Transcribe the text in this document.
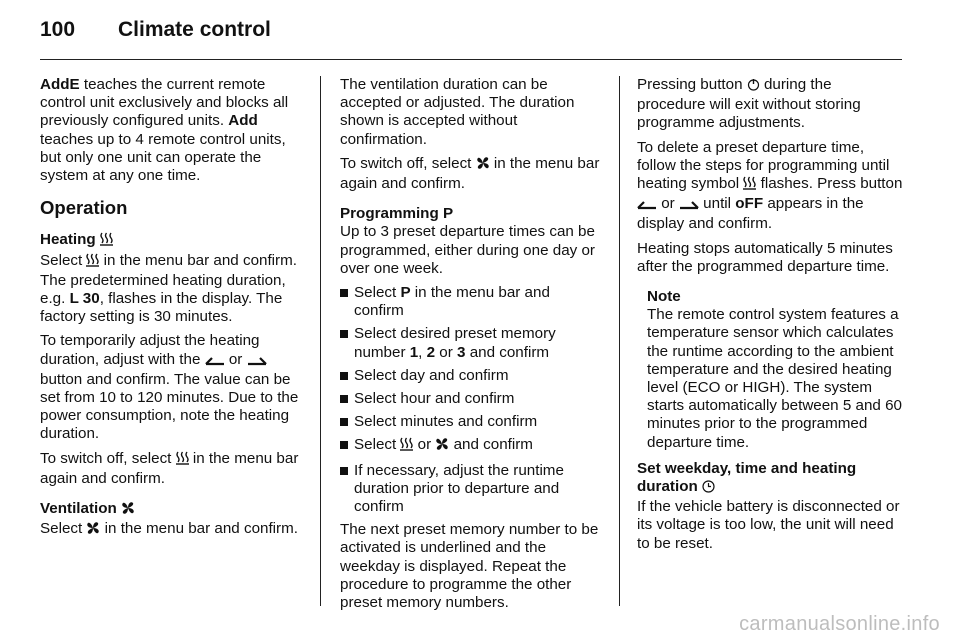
100 Climate control

AddE teaches the current remote control unit exclusively and blocks all previously configured units. Add teaches up to 4 remote control units, but only one unit can operate the system at any one time.

Operation
Heating

Select  in the menu bar and confirm. The predetermined heating duration, e.g. L 30, flashes in the display. The factory setting is 30 minutes.

To temporarily adjust the heating duration, adjust with the  or  button and confirm. The value can be set from 10 to 120 minutes. Due to the power consumption, note the heating duration.

To switch off, select  in the menu bar again and confirm.

Ventilation

Select  in the menu bar and confirm.

The ventilation duration can be accepted or adjusted. The duration shown is accepted without confirmation.

To switch off, select  in the menu bar again and confirm.

Programming P

Up to 3 preset departure times can be programmed, either during one day or over one week.

Select P in the menu bar and confirm
Select desired preset memory number 1, 2 or 3 and confirm
Select day and confirm
Select hour and confirm
Select minutes and confirm
Select  or  and confirm
If necessary, adjust the runtime duration prior to departure and confirm

The next preset memory number to be activated is underlined and the weekday is displayed. Repeat the procedure to programme the other preset memory numbers.

Pressing button  during the procedure will exit without storing programme adjustments.

To delete a preset departure time, follow the steps for programming until heating symbol  flashes. Press button  or  until oFF appears in the display and confirm.

Heating stops automatically 5 minutes after the programmed departure time.

Note

The remote control system features a temperature sensor which calculates the runtime according to the ambient temperature and the desired heating level (ECO or HIGH). The system starts automatically between 5 and 60 minutes prior to the programmed departure time.

Set weekday, time and heating duration

If the vehicle battery is disconnected or its voltage is too low, the unit will need to be reset.

carmanualsonline.info
